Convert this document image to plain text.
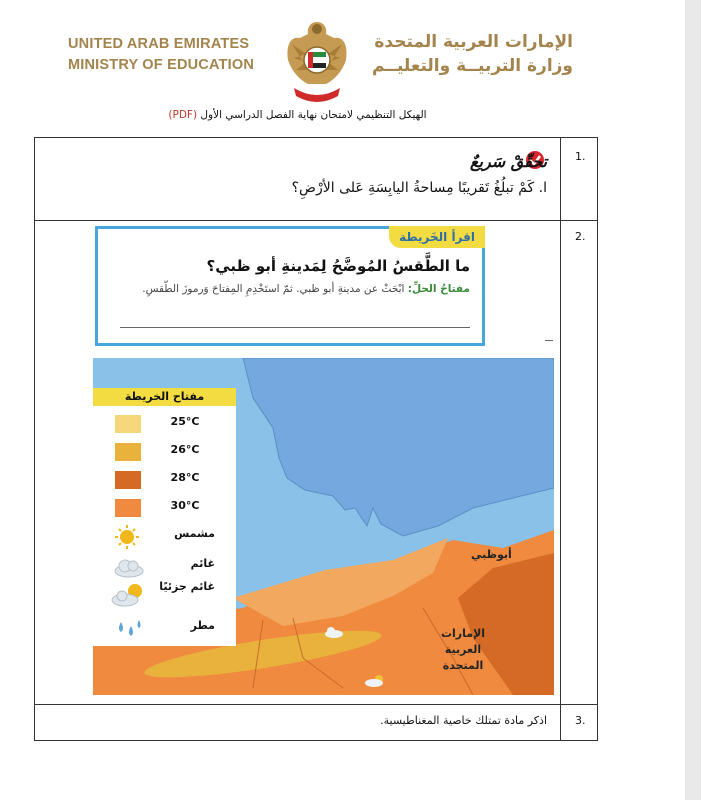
UNITED ARAB EMIRATES
MINISTRY OF EDUCATION
الإمارات العربية المتحدة
وزارة التربيــة والتعليــم
الهيكل التنظيمي لامتحان نهاية الفصل الدراسي الأول (PDF)
1.
تحقّقْ سَريعٌ
ا. كَمْ تبلُغُ تَقريبًا مِساحةُ اليابِسَةِ عَلى الأرْضِ؟
2.
اقرأ الخَريطة
ما الطَّقسُ المُوضَّحُ لِمَدينةِ أبو ظبي؟
مفتاحُ الحلِّ: ابْحَثْ عن مدينةِ أبو ظبي. ثمّ استَخْدِمِ المِفتاحَ وَرموزَ الطّقسِ.
مفتاح الخريطة
25°C
26°C
28°C
30°C
مشمس
غائم
غائم جزئيًا
مطر
أبوظبي
الإمارات العربية المتحدة
3.
اذكر مادة تمتلك خاصية المغناطيسية.
